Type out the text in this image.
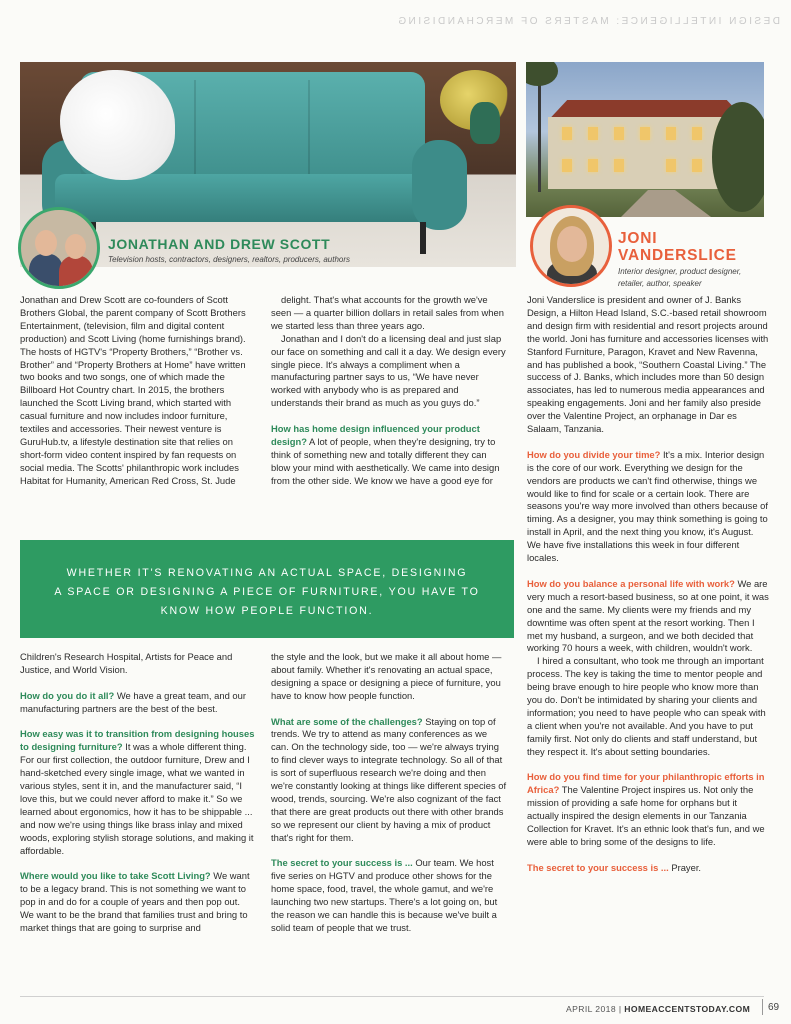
DESIGN INTELLIGENCE: MASTERS OF MERCHANDISING
JONATHAN AND DREW SCOTT
Television hosts, contractors, designers, realtors, producers, authors
JONI
VANDERSLICE
Interior designer, product designer, retailer, author, speaker

Jonathan and Drew Scott are co-founders of Scott Brothers Global, the parent company of Scott Brothers Entertainment, (television, film and digital content production) and Scott Living (home furnishings brand). The hosts of HGTV's “Property Brothers,” “Brother vs. Brother” and “Property Brothers at Home” have written two books and two songs, one of which made the Billboard Hot Country chart. In 2015, the brothers launched the Scott Living brand, which started with casual furniture and now includes indoor furniture, textiles and accessories. Their newest venture is GuruHub.tv, a lifestyle destination site that relies on short-form video content inspired by fan requests on social media. The Scotts' philanthropic work includes Habitat for Humanity, American Red Cross, St. Jude

delight. That's what accounts for the growth we've seen — a quarter billion dollars in retail sales from when we started less than three years ago.

Jonathan and I don't do a licensing deal and just slap our face on something and call it a day. We design every single piece. It's always a compliment when a manufacturing partner says to us, “We have never worked with anybody who is as prepared and understands their brand as much as you guys do.”

How has home design influenced your product design? A lot of people, when they're designing, try to think of something new and totally different they can blow your mind with aesthetically. We came into design from the other side. We know we have a good eye for

WHETHER IT'S RENOVATING AN ACTUAL SPACE, DESIGNING
A SPACE OR DESIGNING A PIECE OF FURNITURE, YOU HAVE TO
KNOW HOW PEOPLE FUNCTION.

Children's Research Hospital, Artists for Peace and Justice, and World Vision.

How do you do it all? We have a great team, and our manufacturing partners are the best of the best.

How easy was it to transition from designing houses to designing furniture? It was a whole different thing. For our first collection, the outdoor furniture, Drew and I hand-sketched every single image, what we wanted in various styles, sent it in, and the manufacturer said, “I love this, but we could never afford to make it.” So we learned about ergonomics, how it has to be shippable ... and now we're using things like brass inlay and mixed woods, exploring stylish storage solutions, and making it affordable.

Where would you like to take Scott Living? We want to be a legacy brand. This is not something we want to pop in and do for a couple of years and then pop out. We want to be the brand that families trust and bring to market things that are going to surprise and

the style and the look, but we make it all about home — about family. Whether it's renovating an actual space, designing a space or designing a piece of furniture, you have to know how people function.

What are some of the challenges? Staying on top of trends. We try to attend as many conferences as we can. On the technology side, too — we're always trying to find clever ways to integrate technology. So all of that is sort of superfluous research we're doing and then we're constantly looking at things like different species of wood, trends, sourcing. We're also cognizant of the fact that there are great products out there with other brands so we represent our client by having a mix of product that's right for them.

The secret to your success is ... Our team. We host five series on HGTV and produce other shows for the home space, food, travel, the whole gamut, and we're launching two new startups. There's a lot going on, but the reason we can handle this is because we've built a solid team of people that we trust.

Joni Vanderslice is president and owner of J. Banks Design, a Hilton Head Island, S.C.-based retail showroom and design firm with residential and resort projects around the world. Joni has furniture and accessories licenses with Stanford Furniture, Paragon, Kravet and New Ravenna, and has published a book, “Southern Coastal Living.” The success of J. Banks, which includes more than 50 design associates, has led to numerous media appearances and speaking engagements. Joni and her family also preside over the Valentine Project, an orphanage in Dar es Salaam, Tanzania.

How do you divide your time? It's a mix. Interior design is the core of our work. Everything we design for the vendors are products we can't find otherwise, things we would like to find for scale or a certain look. There are seasons you're way more involved than others because of timing. As a designer, you may think something is going to install in April, and the next thing you know, it's August. We have five installations this week in four different locales.

How do you balance a personal life with work? We are very much a resort-based business, so at one point, it was one and the same. My clients were my friends and my downtime was often spent at the resort working. Then I met my husband, a surgeon, and we both decided that working 70 hours a week, with children, wouldn't work.

I hired a consultant, who took me through an important process. The key is taking the time to mentor people and being brave enough to hire people who know more than you do. Don't be intimidated by sharing your clients and information; you need to have people who can speak with a client when you're not available. And you have to put family first. Not only do clients and staff understand, but they respect it. It's about setting boundaries.

How do you find time for your philanthropic efforts in Africa? The Valentine Project inspires us. Not only the mission of providing a safe home for orphans but it actually inspired the design elements in our Tanzania Collection for Kravet. It's an ethnic look that's fun, and we were able to bring some of the designs to life.

The secret to your success is ... Prayer.

APRIL 2018 | HOMEACCENTSTODAY.COM 69
